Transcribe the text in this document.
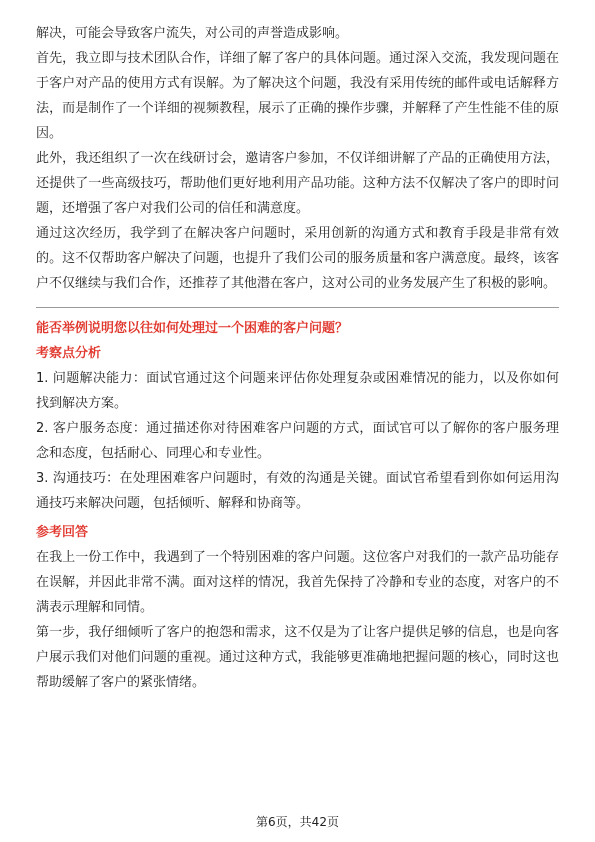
解决，可能会导致客户流失，对公司的声誉造成影响。

首先，我立即与技术团队合作，详细了解了客户的具体问题。通过深入交流，我发现问题在于客户对产品的使用方式有误解。为了解决这个问题，我没有采用传统的邮件或电话解释方法，而是制作了一个详细的视频教程，展示了正确的操作步骤，并解释了产生性能不佳的原因。

此外，我还组织了一次在线研讨会，邀请客户参加，不仅详细讲解了产品的正确使用方法，还提供了一些高级技巧，帮助他们更好地利用产品功能。这种方法不仅解决了客户的即时问题，还增强了客户对我们公司的信任和满意度。

通过这次经历，我学到了在解决客户问题时，采用创新的沟通方式和教育手段是非常有效的。这不仅帮助客户解决了问题，也提升了我们公司的服务质量和客户满意度。最终，该客户不仅继续与我们合作，还推荐了其他潜在客户，这对公司的业务发展产生了积极的影响。

能否举例说明您以往如何处理过一个困难的客户问题？

考察点分析

1. 问题解决能力：面试官通过这个问题来评估你处理复杂或困难情况的能力，以及你如何找到解决方案。

2. 客户服务态度：通过描述你对待困难客户问题的方式，面试官可以了解你的客户服务理念和态度，包括耐心、同理心和专业性。

3. 沟通技巧：在处理困难客户问题时，有效的沟通是关键。面试官希望看到你如何运用沟通技巧来解决问题，包括倾听、解释和协商等。

参考回答

在我上一份工作中，我遇到了一个特别困难的客户问题。这位客户对我们的一款产品功能存在误解，并因此非常不满。面对这样的情况，我首先保持了冷静和专业的态度，对客户的不满表示理解和同情。

第一步，我仔细倾听了客户的抱怨和需求，这不仅是为了让客户提供足够的信息，也是向客户展示我们对他们问题的重视。通过这种方式，我能够更准确地把握问题的核心，同时这也帮助缓解了客户的紧张情绪。

第6页，共42页
